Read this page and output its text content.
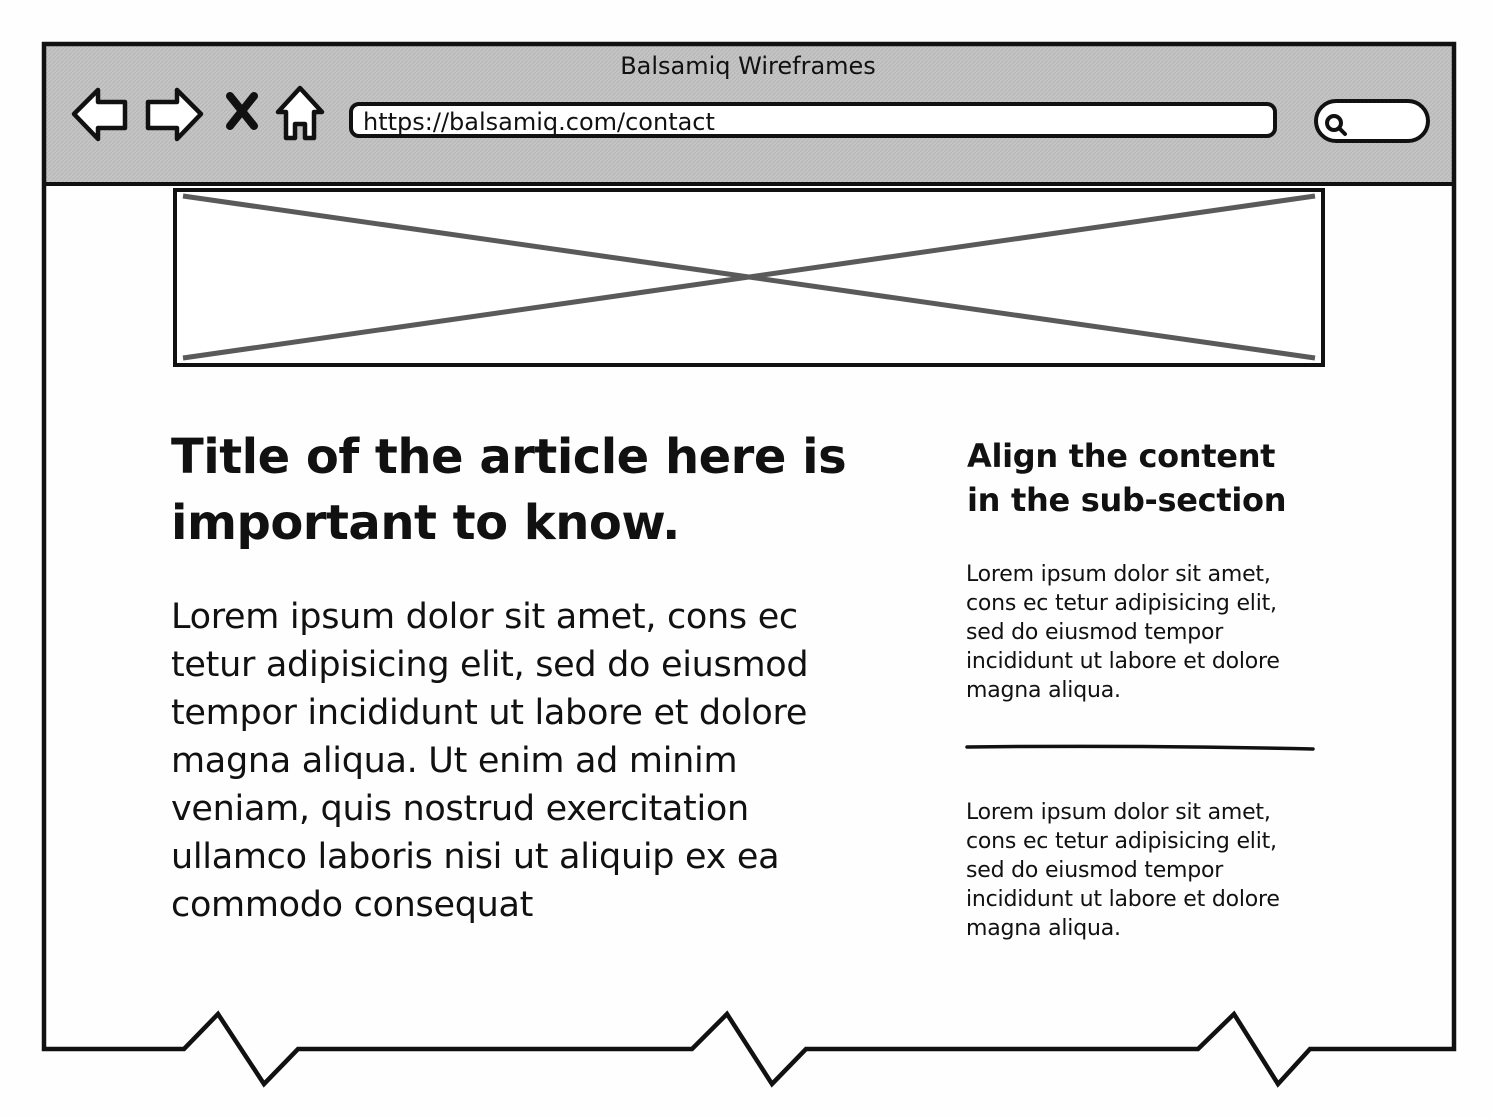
Balsamiq Wireframes
https://balsamiq.com/contact
Title of the article here is important to know.

Lorem ipsum dolor sit amet, cons ec tetur adipisicing elit, sed do eiusmod tempor incididunt ut labore et dolore magna aliqua. Ut enim ad minim veniam, quis nostrud exercitation ullamco laboris nisi ut aliquip ex ea commodo consequat

Align the content in the sub-section

Lorem ipsum dolor sit amet, cons ec tetur adipisicing elit, sed do eiusmod tempor incididunt ut labore et dolore magna aliqua.

Lorem ipsum dolor sit amet, cons ec tetur adipisicing elit, sed do eiusmod tempor incididunt ut labore et dolore magna aliqua.
